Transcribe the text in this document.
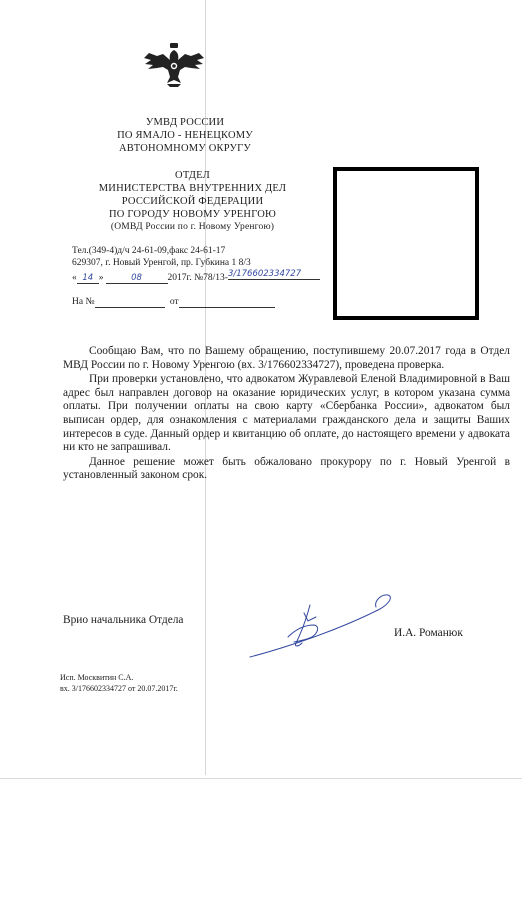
УМВД РОССИИ
ПО ЯМАЛО - НЕНЕЦКОМУ
АВТОНОМНОМУ ОКРУГУ
ОТДЕЛ
МИНИСТЕРСТВА ВНУТРЕННИХ ДЕЛ
РОССИЙСКОЙ ФЕДЕРАЦИИ
ПО ГОРОДУ НОВОМУ УРЕНГОЮ
(ОМВД России по г. Новому Уренгою)
Тел.(349-4)д/ч 24-61-09,факс 24-61-17
629307, г. Новый Уренгой, пр. Губкина 1 8/3
« 14 »	08	2017г. №78/13-3/176602334727
На №	от

Сообщаю Вам, что по Вашему обращению, поступившему 20.07.2017 года в Отдел МВД России по г. Новому Уренгою (вх. 3/176602334727), проведена проверка.

При проверки установлено, что адвокатом Журавлевой Еленой Владимировной в Ваш адрес был направлен договор на оказание юридических услуг, в котором указана сумма оплаты. При получении оплаты на свою карту «Сбербанка России», адвокатом был выписан ордер, для ознакомления с материалами гражданского дела и защиты Ваших интересов в суде. Данный ордер и квитанцию об оплате, до настоящего времени у адвоката ни кто не запрашивал.

Данное решение может быть обжаловано прокурору по г. Новый Уренгой в установленный законом срок.

Врио начальника Отдела
И.А. Романюк
Исп. Москвитин С.А.
вх. 3/176602334727 от 20.07.2017г.
